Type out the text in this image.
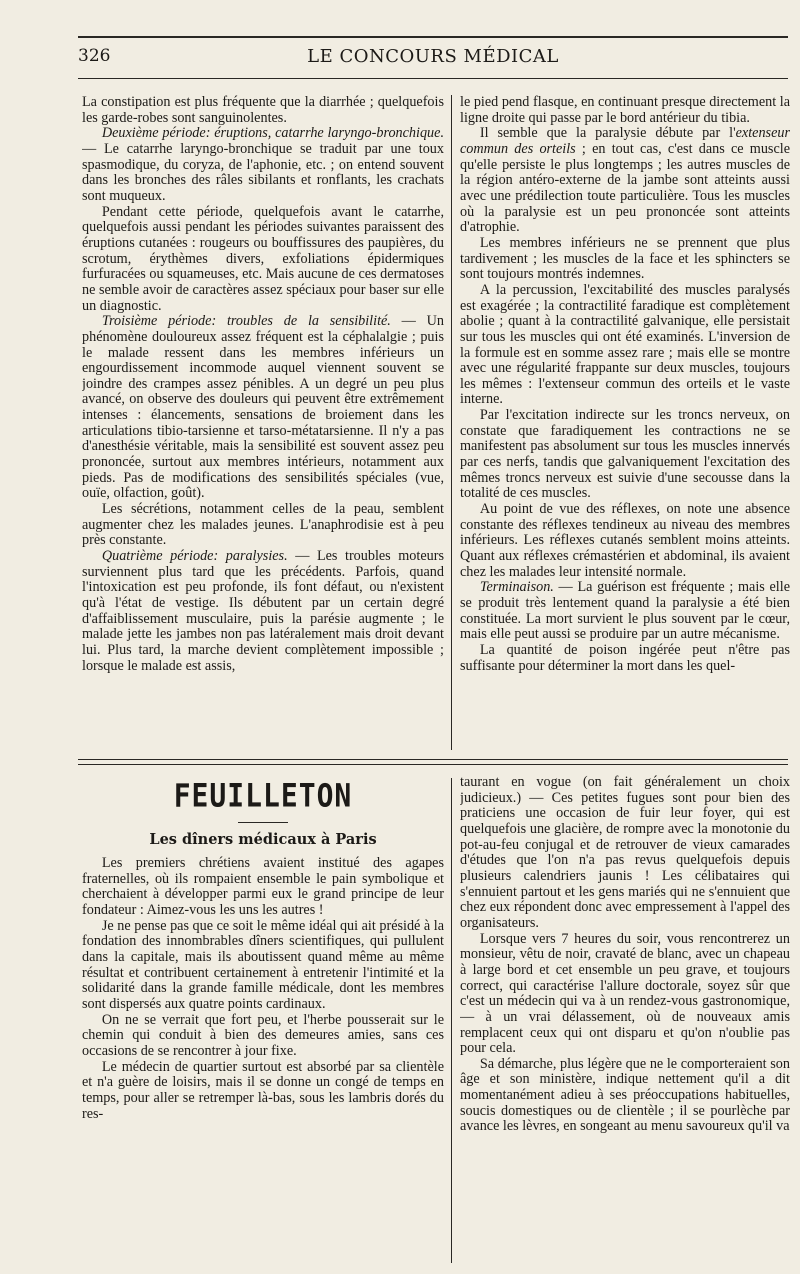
326	LE CONCOURS MÉDICAL

La constipation est plus fréquente que la diarrhée ; quelquefois les garde-robes sont sanguinolentes.

Deuxième période: éruptions, catarrhe laryngo-bronchique. — Le catarrhe laryngo-bronchique se traduit par une toux spasmodique, du coryza, de l'aphonie, etc. ; on entend souvent dans les bronches des râles sibilants et ronflants, les crachats sont muqueux.

Pendant cette période, quelquefois avant le catarrhe, quelquefois aussi pendant les périodes suivantes paraissent des éruptions cutanées : rougeurs ou bouffissures des paupières, du scrotum, érythèmes divers, exfoliations épidermiques furfuracées ou squameuses, etc. Mais aucune de ces dermatoses ne semble avoir de caractères assez spéciaux pour baser sur elle un diagnostic.

Troisième période: troubles de la sensibilité. — Un phénomène douloureux assez fréquent est la céphalalgie ; puis le malade ressent dans les membres inférieurs un engourdissement incommode auquel viennent souvent se joindre des crampes assez pénibles. A un degré un peu plus avancé, on observe des douleurs qui peuvent être extrêmement intenses : élancements, sensations de broiement dans les articulations tibio-tarsienne et tarso-métatarsienne. Il n'y a pas d'anesthésie véritable, mais la sensibilité est souvent assez peu prononcée, surtout aux membres intérieurs, notamment aux pieds. Pas de modifications des sensibilités spéciales (vue, ouïe, olfaction, goût).

Les sécrétions, notamment celles de la peau, semblent augmenter chez les malades jeunes. L'anaphrodisie est à peu près constante.

Quatrième période: paralysies. — Les troubles moteurs surviennent plus tard que les précédents. Parfois, quand l'intoxication est peu profonde, ils font défaut, ou n'existent qu'à l'état de vestige. Ils débutent par un certain degré d'affaiblissement musculaire, puis la parésie augmente ; le malade jette les jambes non pas latéralement mais droit devant lui. Plus tard, la marche devient complètement impossible ; lorsque le malade est assis,

le pied pend flasque, en continuant presque directement la ligne droite qui passe par le bord antérieur du tibia.

Il semble que la paralysie débute par l'extenseur commun des orteils ; en tout cas, c'est dans ce muscle qu'elle persiste le plus longtemps ; les autres muscles de la région antéro-externe de la jambe sont atteints aussi avec une prédilection toute particulière. Tous les muscles où la paralysie est un peu prononcée sont atteints d'atrophie.

Les membres inférieurs ne se prennent que plus tardivement ; les muscles de la face et les sphincters se sont toujours montrés indemnes.

A la percussion, l'excitabilité des muscles paralysés est exagérée ; la contractilité faradique est complètement abolie ; quant à la contractilité galvanique, elle persistait sur tous les muscles qui ont été examinés. L'inversion de la formule est en somme assez rare ; mais elle se montre avec une régularité frappante sur deux muscles, toujours les mêmes : l'extenseur commun des orteils et le vaste interne.

Par l'excitation indirecte sur les troncs nerveux, on constate que faradiquement les contractions ne se manifestent pas absolument sur tous les muscles innervés par ces nerfs, tandis que galvaniquement l'excitation des mêmes troncs nerveux est suivie d'une secousse dans la totalité de ces muscles.

Au point de vue des réflexes, on note une absence constante des réflexes tendineux au niveau des membres inférieurs. Les réflexes cutanés semblent moins atteints. Quant aux réflexes crémastérien et abdominal, ils avaient chez les malades leur intensité normale.

Terminaison. — La guérison est fréquente ; mais elle se produit très lentement quand la paralysie a été bien constituée. La mort survient le plus souvent par le cœur, mais elle peut aussi se produire par un autre mécanisme.

La quantité de poison ingérée peut n'être pas suffisante pour déterminer la mort dans les quel-

FEUILLETON
Les dîners médicaux à Paris

Les premiers chrétiens avaient institué des agapes fraternelles, où ils rompaient ensemble le pain symbolique et cherchaient à développer parmi eux le grand principe de leur fondateur : Aimez-vous les uns les autres !

Je ne pense pas que ce soit le même idéal qui ait présidé à la fondation des innombrables dîners scientifiques, qui pullulent dans la capitale, mais ils aboutissent quand même au même résultat et contribuent certainement à entretenir l'intimité et la solidarité dans la grande famille médicale, dont les membres sont dispersés aux quatre points cardinaux.

On ne se verrait que fort peu, et l'herbe pousserait sur le chemin qui conduit à bien des demeures amies, sans ces occasions de se rencontrer à jour fixe.

Le médecin de quartier surtout est absorbé par sa clientèle et n'a guère de loisirs, mais il se donne un congé de temps en temps, pour aller se retremper là-bas, sous les lambris dorés du res-

taurant en vogue (on fait généralement un choix judicieux.) — Ces petites fugues sont pour bien des praticiens une occasion de fuir leur foyer, qui est quelquefois une glacière, de rompre avec la monotonie du pot-au-feu conjugal et de retrouver de vieux camarades d'études que l'on n'a pas revus quelquefois depuis plusieurs calendriers jaunis ! Les célibataires qui s'ennuient partout et les gens mariés qui ne s'ennuient que chez eux répondent donc avec empressement à l'appel des organisateurs.

Lorsque vers 7 heures du soir, vous rencontrerez un monsieur, vêtu de noir, cravaté de blanc, avec un chapeau à large bord et cet ensemble un peu grave, et toujours correct, qui caractérise l'allure doctorale, soyez sûr que c'est un médecin qui va à un rendez-vous gastronomique, — à un vrai délassement, où de nouveaux amis remplacent ceux qui ont disparu et qu'on n'oublie pas pour cela.

Sa démarche, plus légère que ne le comporteraient son âge et son ministère, indique nettement qu'il a dit momentanément adieu à ses préoccupations habituelles, soucis domestiques ou de clientèle ; il se pourlèche par avance les lèvres, en songeant au menu savoureux qu'il va
